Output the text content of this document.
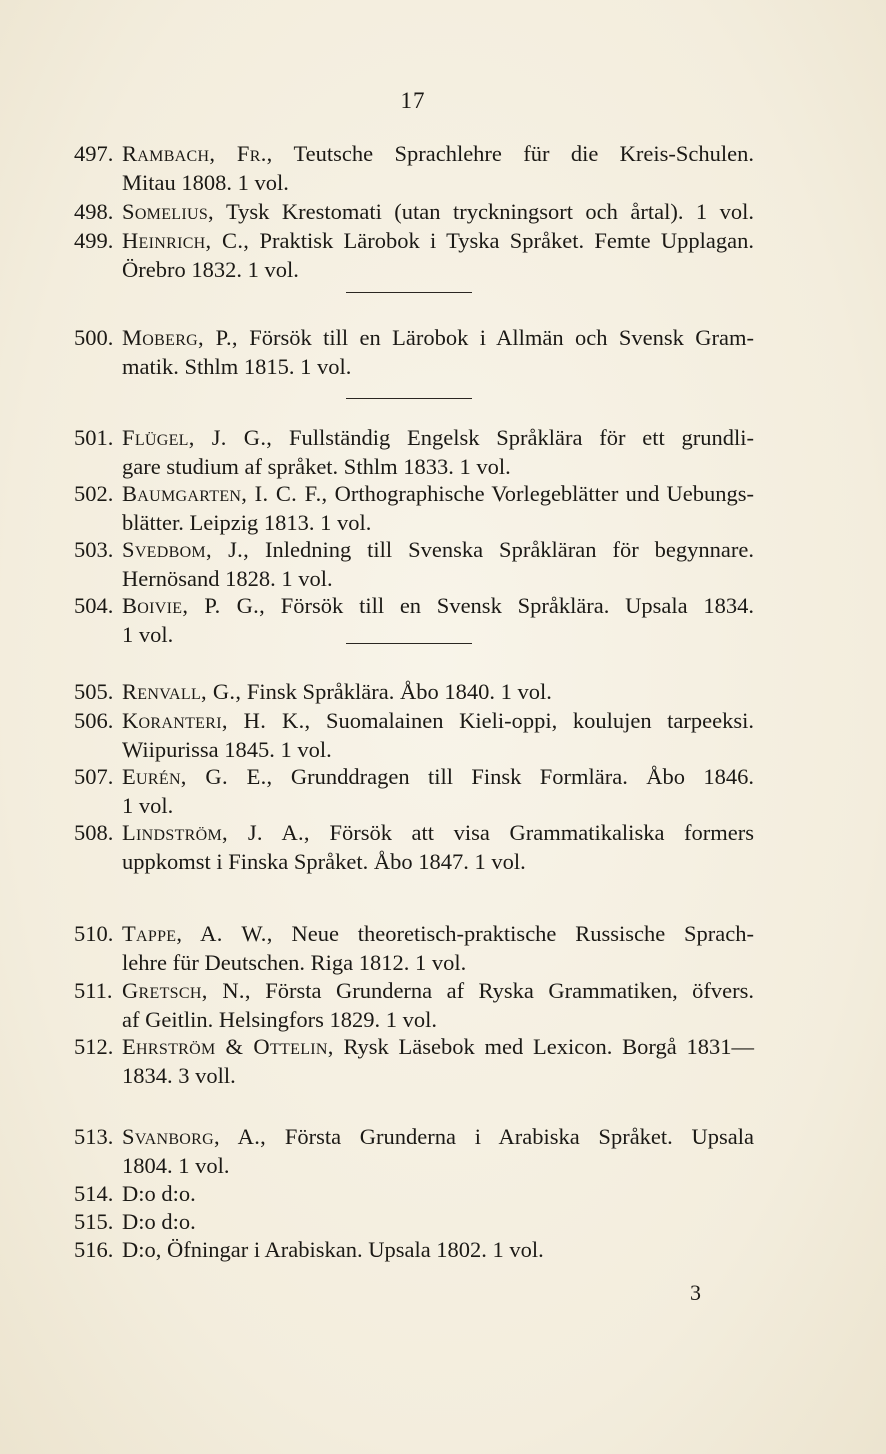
17
497. Rambach, Fr., Teutsche Sprachlehre für die Kreis-Schulen.
Mitau 1808. 1 vol.
498. Somelius, Tysk Krestomati (utan tryckningsort och årtal). 1 vol.
499. Heinrich, C., Praktisk Lärobok i Tyska Språket. Femte Upplagan.
Örebro 1832. 1 vol.
500. Moberg, P., Försök till en Lärobok i Allmän och Svensk Gram-
matik. Sthlm 1815. 1 vol.
501. Flügel, J. G., Fullständig Engelsk Språklära för ett grundli-
gare studium af språket. Sthlm 1833. 1 vol.
502. Baumgarten, I. C. F., Orthographische Vorlegeblätter und Uebungs-
blätter. Leipzig 1813. 1 vol.
503. Svedbom, J., Inledning till Svenska Språkläran för begynnare.
Hernösand 1828. 1 vol.
504. Boivie, P. G., Försök till en Svensk Språklära. Upsala 1834.
1 vol.
505. Renvall, G., Finsk Språklära. Åbo 1840. 1 vol.
506. Koranteri, H. K., Suomalainen Kieli-oppi, koulujen tarpeeksi.
Wiipurissa 1845. 1 vol.
507. Eurén, G. E., Grunddragen till Finsk Formlära. Åbo 1846.
1 vol.
508. Lindström, J. A., Försök att visa Grammatikaliska formers
uppkomst i Finska Språket. Åbo 1847. 1 vol.
510. Tappe, A. W., Neue theoretisch-praktische Russische Sprach-
lehre für Deutschen. Riga 1812. 1 vol.
511. Gretsch, N., Första Grunderna af Ryska Grammatiken, öfvers.
af Geitlin. Helsingfors 1829. 1 vol.
512. Ehrström & Ottelin, Rysk Läsebok med Lexicon. Borgå 1831—
1834. 3 voll.
513. Svanborg, A., Första Grunderna i Arabiska Språket. Upsala
1804. 1 vol.
514. D:o d:o.
515. D:o d:o.
516. D:o, Öfningar i Arabiskan. Upsala 1802. 1 vol.
3
